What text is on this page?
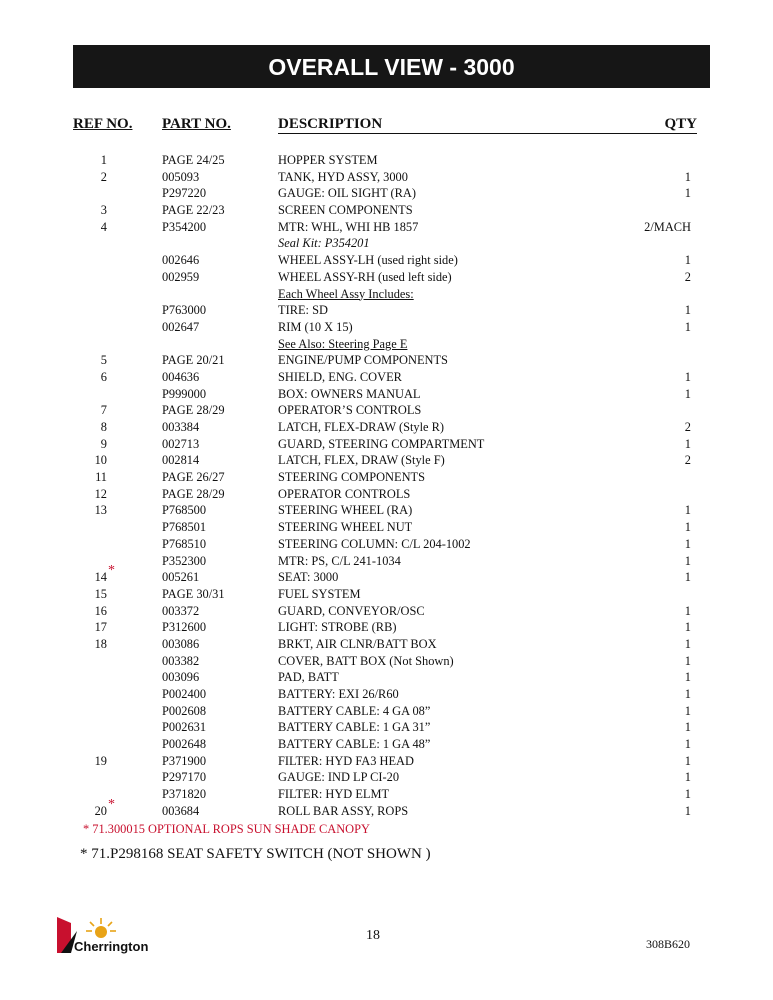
OVERALL VIEW - 3000
REF NO. PART NO.	DESCRIPTION	QTY
1	PAGE 24/25	HOPPER SYSTEM
2	005093	TANK, HYD ASSY, 3000	1
P297220	GAUGE: OIL SIGHT (RA)	1
3	PAGE 22/23	SCREEN COMPONENTS
4	P354200	MTR: WHL, WHI HB 1857	2/MACH
Seal Kit: P354201
002646	WHEEL ASSY-LH (used right side)	1
002959	WHEEL ASSY-RH (used left side)	2
Each Wheel Assy Includes:
P763000	TIRE: SD	1
002647	RIM (10 X 15)	1
See Also: Steering Page E
5	PAGE 20/21	ENGINE/PUMP COMPONENTS
6	004636	SHIELD, ENG. COVER	1
P999000	BOX: OWNERS MANUAL	1
7	PAGE 28/29	OPERATOR’S CONTROLS
8	003384	LATCH, FLEX-DRAW (Style R)	2
9	002713	GUARD, STEERING COMPARTMENT	1
10	002814	LATCH, FLEX, DRAW (Style F)	2
11	PAGE 26/27	STEERING COMPONENTS
12	PAGE 28/29	OPERATOR CONTROLS
13	P768500	STEERING WHEEL (RA)	1
P768501	STEERING WHEEL NUT	1
P768510	STEERING COLUMN: C/L 204-1002	1
P352300	MTR: PS, C/L 241-1034	1
14	005261	SEAT: 3000	1
*
15	PAGE 30/31	FUEL SYSTEM
16	003372	GUARD, CONVEYOR/OSC	1
17	P312600	LIGHT: STROBE (RB)	1
18	003086	BRKT, AIR CLNR/BATT BOX	1
003382	COVER, BATT BOX (Not Shown)	1
003096	PAD, BATT	1
P002400	BATTERY: EXI 26/R60	1
P002608	BATTERY CABLE: 4 GA 08”	1
P002631	BATTERY CABLE: 1 GA 31”	1
P002648	BATTERY CABLE: 1 GA 48”	1
19	P371900	FILTER: HYD FA3 HEAD	1
P297170	GAUGE: IND LP CI-20	1
P371820	FILTER: HYD ELMT	1
20	003684	ROLL BAR ASSY, ROPS	1
*
* 71.300015 OPTIONAL ROPS SUN SHADE CANOPY
* 71.P298168 SEAT SAFETY SWITCH (NOT SHOWN )
Cherrington
18
308B620
